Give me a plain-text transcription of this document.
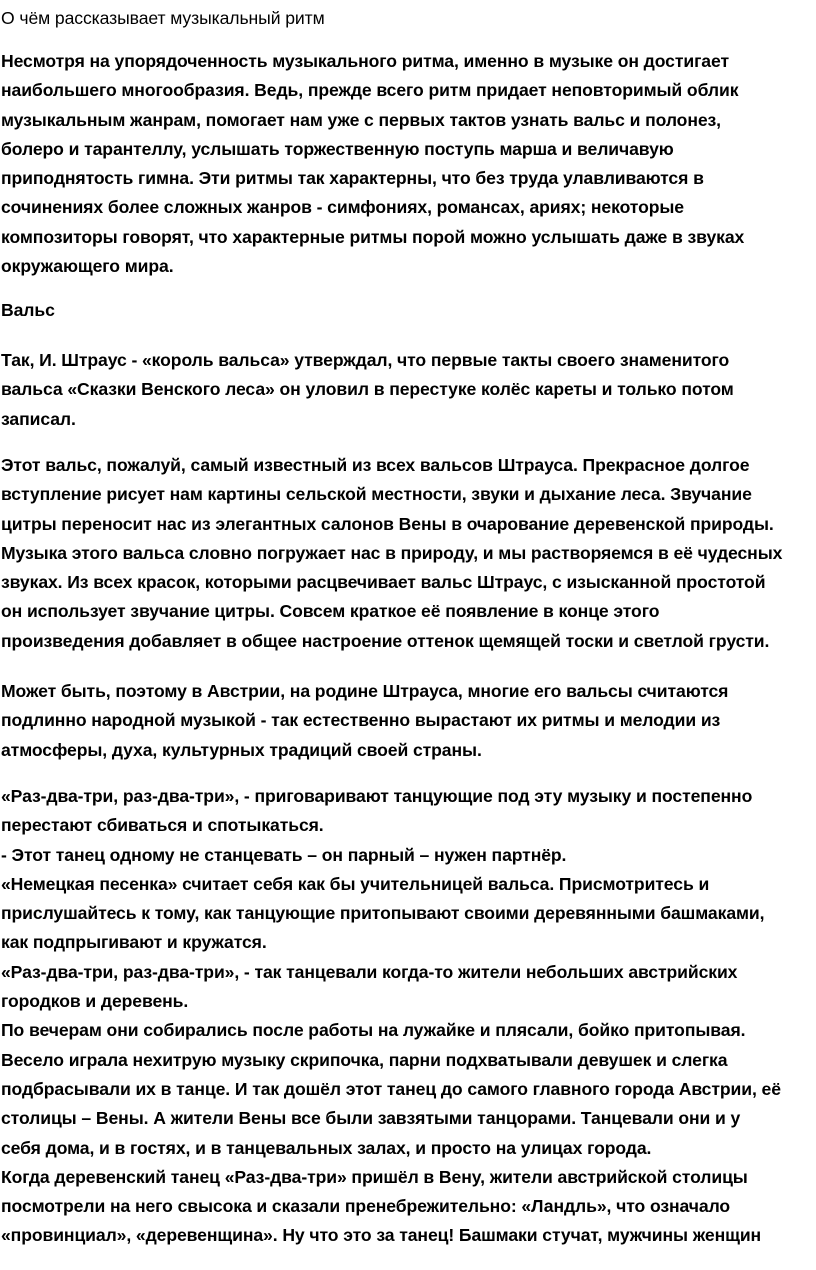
О чём рассказывает музыкальный ритм

Несмотря на упорядоченность музыкального ритма, именно в музыке он достигает

наибольшего многообразия. Ведь, прежде всего ритм придает неповторимый облик

музыкальным жанрам, помогает нам уже с первых тактов узнать вальс и полонез,

болеро и тарантеллу, услышать торжественную поступь марша и величавую

приподнятость гимна. Эти ритмы так характерны, что без труда улавливаются в

сочинениях более сложных жанров - симфониях, романсах, ариях; некоторые

композиторы говорят, что характерные ритмы порой можно услышать даже в звуках

окружающего мира.

Вальс

Так, И. Штраус - «король вальса» утверждал, что первые такты своего знаменитого

вальса «Сказки Венского леса» он уловил в перестуке колёс кареты и только потом

записал.

Этот вальс, пожалуй, самый известный из всех вальсов Штрауса. Прекрасное долгое

вступление рисует нам картины сельской местности, звуки и дыхание леса. Звучание

цитры переносит нас из элегантных салонов Вены в очарование деревенской природы.

Музыка этого вальса словно погружает нас в природу, и мы растворяемся в её чудесных

звуках. Из всех красок, которыми расцвечивает вальс Штраус, с изысканной простотой

он использует звучание цитры. Совсем краткое её появление в конце этого

произведения добавляет в общее настроение оттенок щемящей тоски и светлой грусти.

Может быть, поэтому в Австрии, на родине Штрауса, многие его вальсы считаются

подлинно народной музыкой - так естественно вырастают их ритмы и мелодии из

атмосферы, духа, культурных традиций своей страны.

«Раз-два-три, раз-два-три», - приговаривают танцующие под эту музыку и постепенно

перестают сбиваться и спотыкаться.

- Этот танец одному не станцевать – он парный – нужен партнёр.

«Немецкая песенка» считает себя как бы учительницей вальса. Присмотритесь и

прислушайтесь к тому, как танцующие притопывают своими деревянными башмаками,

как подпрыгивают и кружатся.

«Раз-два-три, раз-два-три», - так танцевали когда-то жители небольших австрийских

городков и деревень.

По вечерам они собирались после работы на лужайке и плясали, бойко притопывая.

Весело играла нехитрую музыку скрипочка, парни подхватывали девушек и слегка

подбрасывали их в танце. И так дошёл этот танец до самого главного города Австрии, её

столицы – Вены. А жители Вены все были завзятыми танцорами. Танцевали они и у

себя дома, и в гостях, и в танцевальных залах, и просто на улицах города.

Когда деревенский танец «Раз-два-три» пришёл в Вену, жители австрийской столицы

посмотрели на него свысока и сказали пренебрежительно: «Ландль», что означало

«провинциал», «деревенщина». Ну что это за танец! Башмаки стучат, мужчины женщин
